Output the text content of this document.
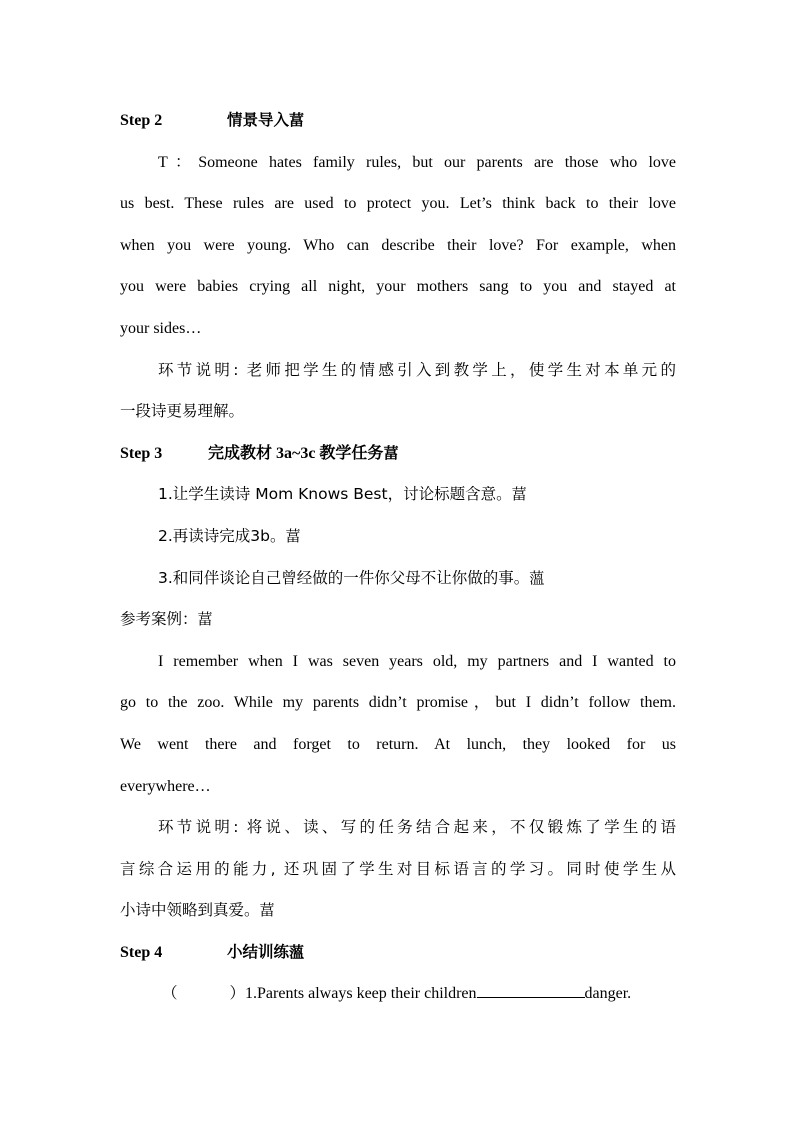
Step 2	情景导入葍
T：Someone hates family rules, but our parents are those who love
us best. These rules are used to protect you. Let’s think back to their love
when you were young. Who can describe their love? For example, when
you were babies crying all night, your mothers sang to you and stayed at
your sides…
环节说明: 老师把学生的情感引入到教学上，使学生对本单元的
一段诗更易理解。
Step 3	完成教材 3a~3c 教学任务葍
1.让学生读诗 Mom Knows Best，讨论标题含意。葍
2.再读诗完成3b。葍
3.和同伴谈论自己曾经做的一件你父母不让你做的事。薀
参考案例：葍
I remember when I was seven years old, my partners and I wanted to
go to the zoo. While my parents didn’t promise，but I didn’t follow them.
We went there and forget to return. At lunch, they looked for us
everywhere…
环节说明: 将说、读、写的任务结合起来，不仅锻炼了学生的语
言综合运用的能力, 还巩固了学生对目标语言的学习。同时使学生从
小诗中领略到真爱。葍
Step 4	小结训练薀
（	）1.Parents always keep their children	danger.
